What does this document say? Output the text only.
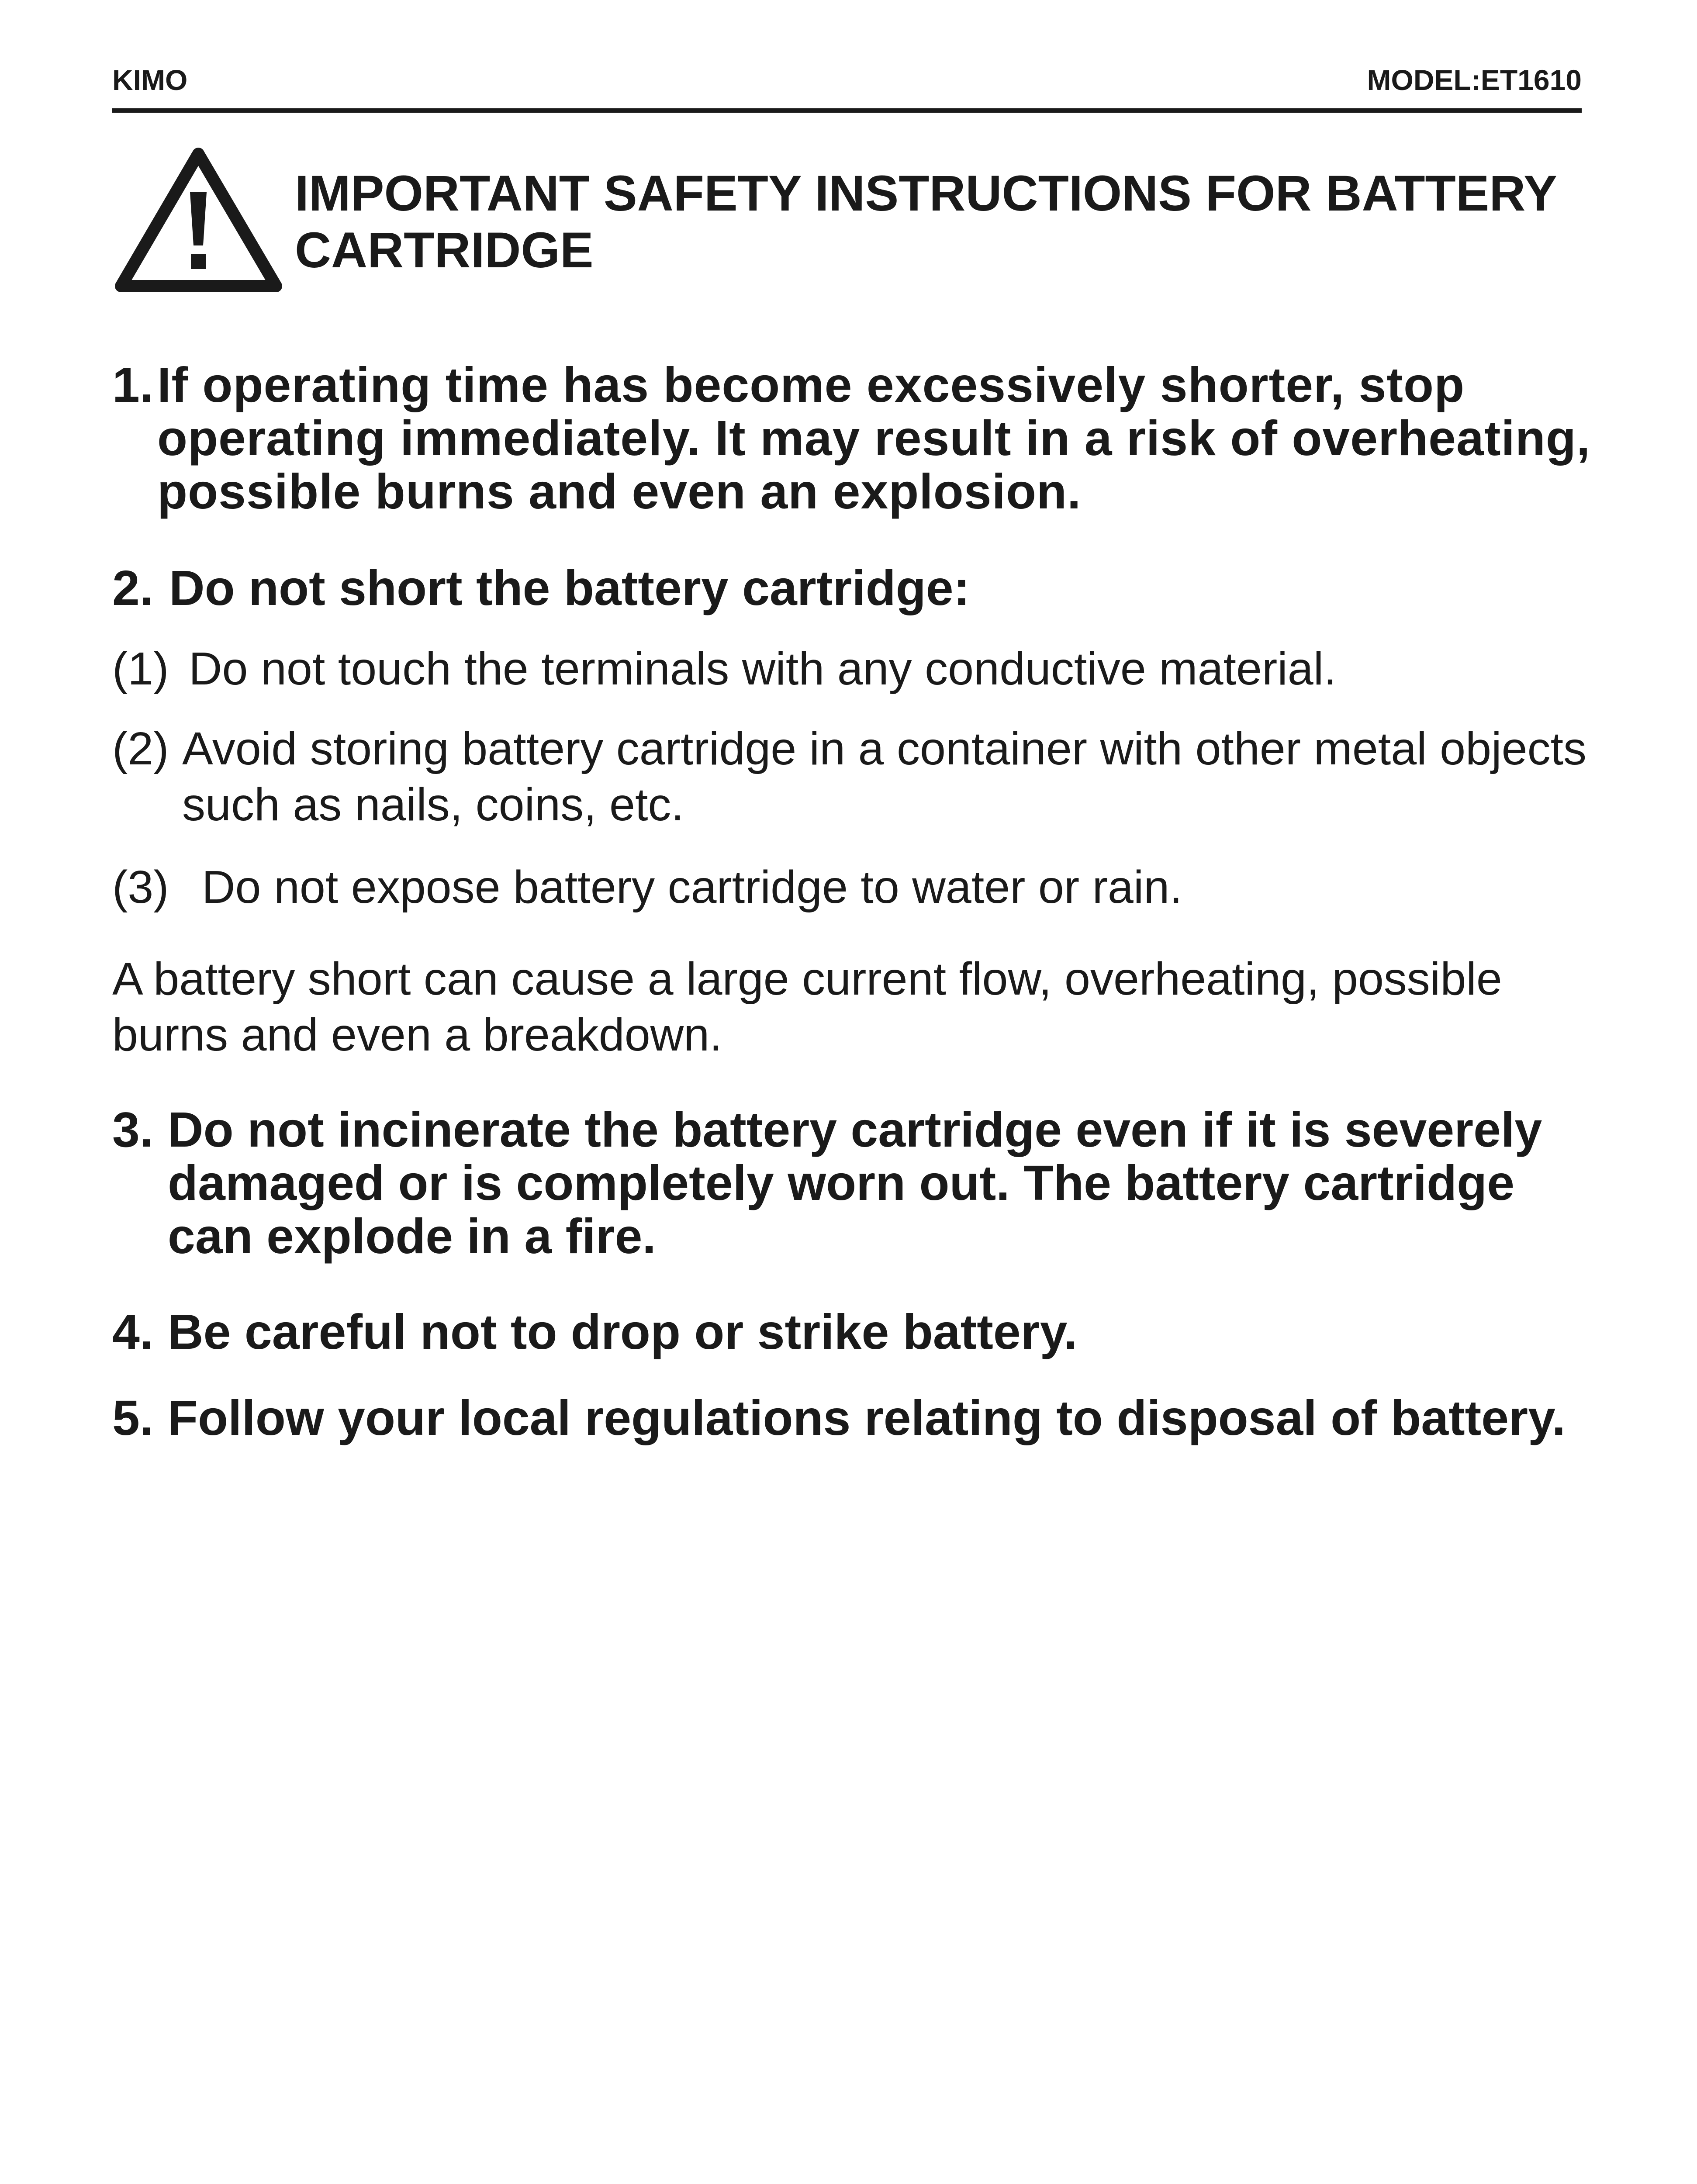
KIMO	MODEL:ET1610
IMPORTANT SAFETY INSTRUCTIONS FOR BATTERY
CARTRIDGE
1. If operating time has become excessively shorter, stop operating immediately. It may result in a risk of overheating, possible burns and even an explosion.
2. Do not short the battery cartridge:
(1) Do not touch the terminals with any conductive material.
(2) Avoid storing battery cartridge in a container with other metal objects such as nails, coins, etc.
(3) Do not expose battery cartridge to water or rain.
A battery short can cause a large current flow, overheating, possible burns and even a breakdown.
3. Do not incinerate the battery cartridge even if it is severely damaged or is completely worn out. The battery cartridge can explode in a fire.
4. Be careful not to drop or strike battery.
5. Follow your local regulations relating to disposal of battery.
